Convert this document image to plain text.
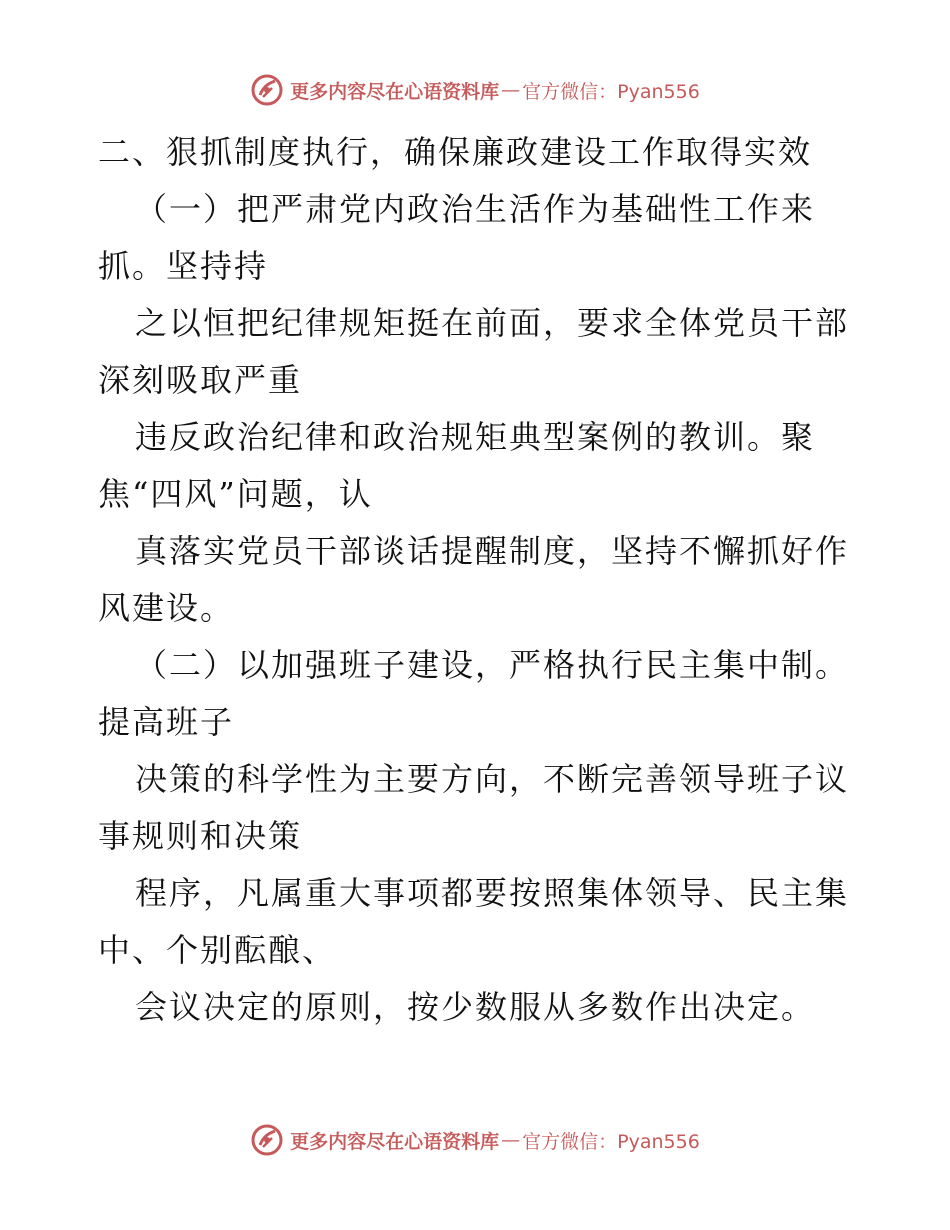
更多内容尽在心语资料库 — 官方微信：Pyan556
二、狠抓制度执行，确保廉政建设工作取得实效
（一）把严肃党内政治生活作为基础性工作来
抓。坚持持
之以恒把纪律规矩挺在前面，要求全体党员干部
深刻吸取严重
违反政治纪律和政治规矩典型案例的教训。聚
焦“四风”问题，认
真落实党员干部谈话提醒制度，坚持不懈抓好作
风建设。
（二）以加强班子建设，严格执行民主集中制。
提高班子
决策的科学性为主要方向，不断完善领导班子议
事规则和决策
程序，凡属重大事项都要按照集体领导、民主集
中、个别酝酿、
会议决定的原则，按少数服从多数作出决定。
更多内容尽在心语资料库 — 官方微信：Pyan556
